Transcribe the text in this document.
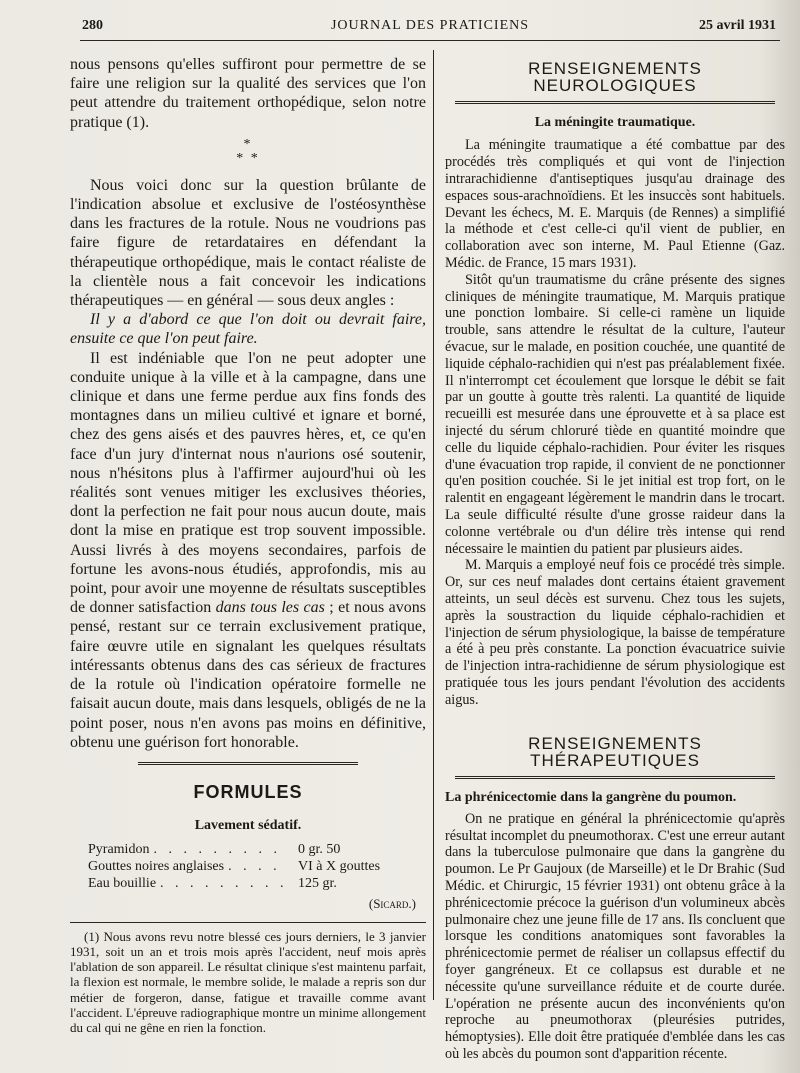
280	JOURNAL DES PRATICIENS	25 avril 1931

nous pensons qu'elles suffiront pour permettre de se faire une religion sur la qualité des services que l'on peut attendre du traitement orthopédique, selon notre pratique (1).

*
* *

Nous voici donc sur la question brûlante de l'indication absolue et exclusive de l'ostéosynthèse dans les fractures de la rotule. Nous ne voudrions pas faire figure de retardataires en défendant la thérapeutique orthopédique, mais le contact réaliste de la clientèle nous a fait concevoir les indications thérapeutiques — en général — sous deux angles :

Il y a d'abord ce que l'on doit ou devrait faire, ensuite ce que l'on peut faire.

Il est indéniable que l'on ne peut adopter une conduite unique à la ville et à la campagne, dans une clinique et dans une ferme perdue aux fins fonds des montagnes dans un milieu cultivé et ignare et borné, chez des gens aisés et des pauvres hères, et, ce qu'en face d'un jury d'internat nous n'aurions osé soutenir, nous n'hésitons plus à l'affirmer aujourd'hui où les réalités sont venues mitiger les exclusives théories, dont la perfection ne fait pour nous aucun doute, mais dont la mise en pratique est trop souvent impossible. Aussi livrés à des moyens secondaires, parfois de fortune les avons-nous étudiés, approfondis, mis au point, pour avoir une moyenne de résultats susceptibles de donner satisfaction dans tous les cas ; et nous avons pensé, restant sur ce terrain exclusivement pratique, faire œuvre utile en signalant les quelques résultats intéressants obtenus dans des cas sérieux de fractures de la rotule où l'indication opératoire formelle ne faisait aucun doute, mais dans lesquels, obligés de ne la point poser, nous n'en avons pas moins en définitive, obtenu une guérison fort honorable.

FORMULES
Lavement sédatif.
Pyramidon . . . . . . . . .	0 gr. 50
Gouttes noires anglaises . . . .	VI à X gouttes
Eau bouillie . . . . . . . . . 125 gr.
(Sicard.)

(1) Nous avons revu notre blessé ces jours derniers, le 3 janvier 1931, soit un an et trois mois après l'accident, neuf mois après l'ablation de son appareil. Le résultat clinique s'est maintenu parfait, la flexion est normale, le membre solide, le malade a repris son dur métier de forgeron, danse, fatigue et travaille comme avant l'accident. L'épreuve radiographique montre un minime allongement du cal qui ne gêne en rien la fonction.

RENSEIGNEMENTS NEUROLOGIQUES
La méningite traumatique.

La méningite traumatique a été combattue par des procédés très compliqués et qui vont de l'injection intrarachidienne d'antiseptiques jusqu'au drainage des espaces sous-arachnoïdiens. Et les insuccès sont habituels. Devant les échecs, M. E. Marquis (de Rennes) a simplifié la méthode et c'est celle-ci qu'il vient de publier, en collaboration avec son interne, M. Paul Etienne (Gaz. Médic. de France, 15 mars 1931).

Sitôt qu'un traumatisme du crâne présente des signes cliniques de méningite traumatique, M. Marquis pratique une ponction lombaire. Si celle-ci ramène un liquide trouble, sans attendre le résultat de la culture, l'auteur évacue, sur le malade, en position couchée, une quantité de liquide céphalo-rachidien qui n'est pas préalablement fixée. Il n'interrompt cet écoulement que lorsque le débit se fait par un goutte à goutte très ralenti. La quantité de liquide recueilli est mesurée dans une éprouvette et à sa place est injecté du sérum chloruré tiède en quantité moindre que celle du liquide céphalo-rachidien. Pour éviter les risques d'une évacuation trop rapide, il convient de ne ponctionner qu'en position couchée. Si le jet initial est trop fort, on le ralentit en engageant légèrement le mandrin dans le trocart. La seule difficulté résulte d'une grosse raideur dans la colonne vertébrale ou d'un délire très intense qui rend nécessaire le maintien du patient par plusieurs aides.

M. Marquis a employé neuf fois ce procédé très simple. Or, sur ces neuf malades dont certains étaient gravement atteints, un seul décès est survenu. Chez tous les sujets, après la soustraction du liquide céphalo-rachidien et l'injection de sérum physiologique, la baisse de température a été à peu près constante. La ponction évacuatrice suivie de l'injection intra-rachidienne de sérum physiologique est pratiquée tous les jours pendant l'évolution des accidents aigus.

RENSEIGNEMENTS THÉRAPEUTIQUES
La phrénicectomie dans la gangrène du poumon.

On ne pratique en général la phrénicectomie qu'après résultat incomplet du pneumothorax. C'est une erreur autant dans la tuberculose pulmonaire que dans la gangrène du poumon. Le Pr Gaujoux (de Marseille) et le Dr Brahic (Sud Médic. et Chirurgic, 15 février 1931) ont obtenu grâce à la phrénicectomie précoce la guérison d'un volumineux abcès pulmonaire chez une jeune fille de 17 ans. Ils concluent que lorsque les conditions anatomiques sont favorables la phrénicectomie permet de réaliser un collapsus effectif du foyer gangréneux. Et ce collapsus est durable et ne nécessite qu'une surveillance réduite et de courte durée. L'opération ne présente aucun des inconvénients qu'on reproche au pneumothorax (pleurésies putrides, hémoptysies). Elle doit être pratiquée d'emblée dans les cas où les abcès du poumon sont d'apparition récente.
